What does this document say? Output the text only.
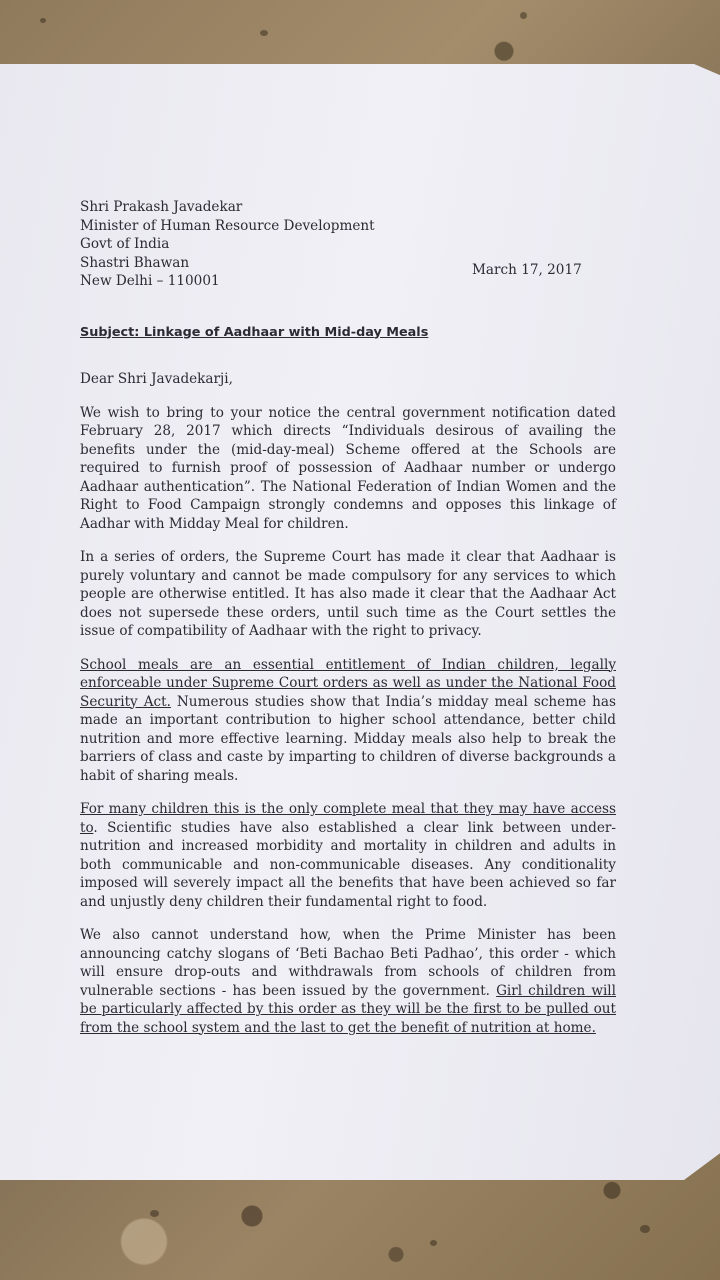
March 17, 2017
Shri Prakash Javadekar
Minister of Human Resource Development
Govt of India
Shastri Bhawan
New Delhi – 110001
Subject: Linkage of Aadhaar with Mid-day Meals
Dear Shri Javadekarji,

We wish to bring to your notice the central government notification dated February 28, 2017 which directs “Individuals desirous of availing the benefits under the (mid-day-meal) Scheme offered at the Schools are required to furnish proof of possession of Aadhaar number or undergo Aadhaar authentication”. The National Federation of Indian Women and the Right to Food Campaign strongly condemns and opposes this linkage of Aadhar with Midday Meal for children.

In a series of orders, the Supreme Court has made it clear that Aadhaar is purely voluntary and cannot be made compulsory for any services to which people are otherwise entitled. It has also made it clear that the Aadhaar Act does not supersede these orders, until such time as the Court settles the issue of compatibility of Aadhaar with the right to privacy.

School meals are an essential entitlement of Indian children, legally enforceable under Supreme Court orders as well as under the National Food Security Act. Numerous studies show that India’s midday meal scheme has made an important contribution to higher school attendance, better child nutrition and more effective learning. Midday meals also help to break the barriers of class and caste by imparting to children of diverse backgrounds a habit of sharing meals.

For many children this is the only complete meal that they may have access to. Scientific studies have also established a clear link between under-nutrition and increased morbidity and mortality in children and adults in both communicable and non-communicable diseases. Any conditionality imposed will severely impact all the benefits that have been achieved so far and unjustly deny children their fundamental right to food.

We also cannot understand how, when the Prime Minister has been announcing catchy slogans of ‘Beti Bachao Beti Padhao’, this order - which will ensure drop-outs and withdrawals from schools of children from vulnerable sections - has been issued by the government. Girl children will be particularly affected by this order as they will be the first to be pulled out from the school system and the last to get the benefit of nutrition at home.
